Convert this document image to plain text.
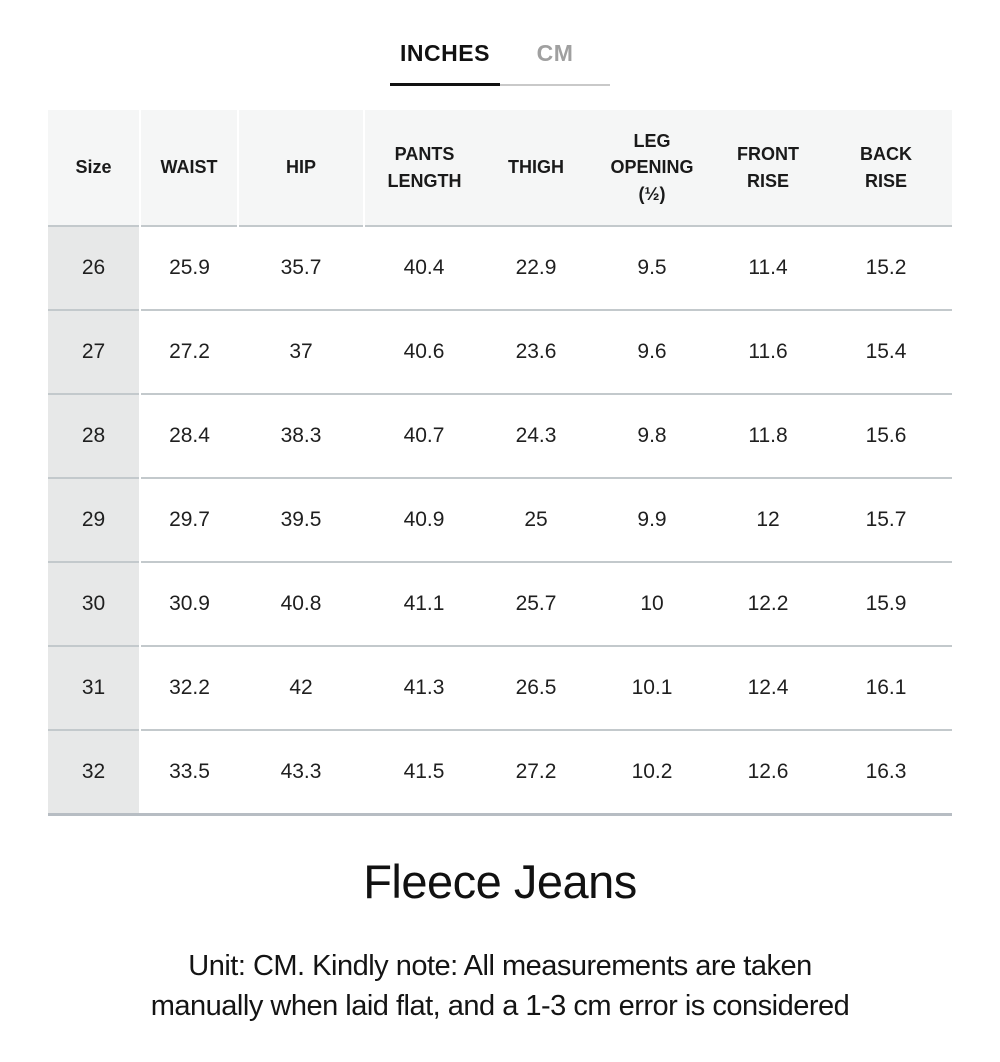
INCHES	CM
Size	WAIST	HIP	PANTS LENGTH	THIGH	LEG OPENING (½)	FRONT RISE	BACK RISE
26	25.9	35.7	40.4	22.9	9.5	11.4	15.2
27	27.2	37	40.6	23.6	9.6	11.6	15.4
28	28.4	38.3	40.7	24.3	9.8	11.8	15.6
29	29.7	39.5	40.9	25	9.9	12	15.7
30	30.9	40.8	41.1	25.7	10	12.2	15.9
31	32.2	42	41.3	26.5	10.1	12.4	16.1
32	33.5	43.3	41.5	27.2	10.2	12.6	16.3
Fleece Jeans
Unit: CM. Kindly note: All measurements are taken
manually when laid flat, and a 1-3 cm error is considered
